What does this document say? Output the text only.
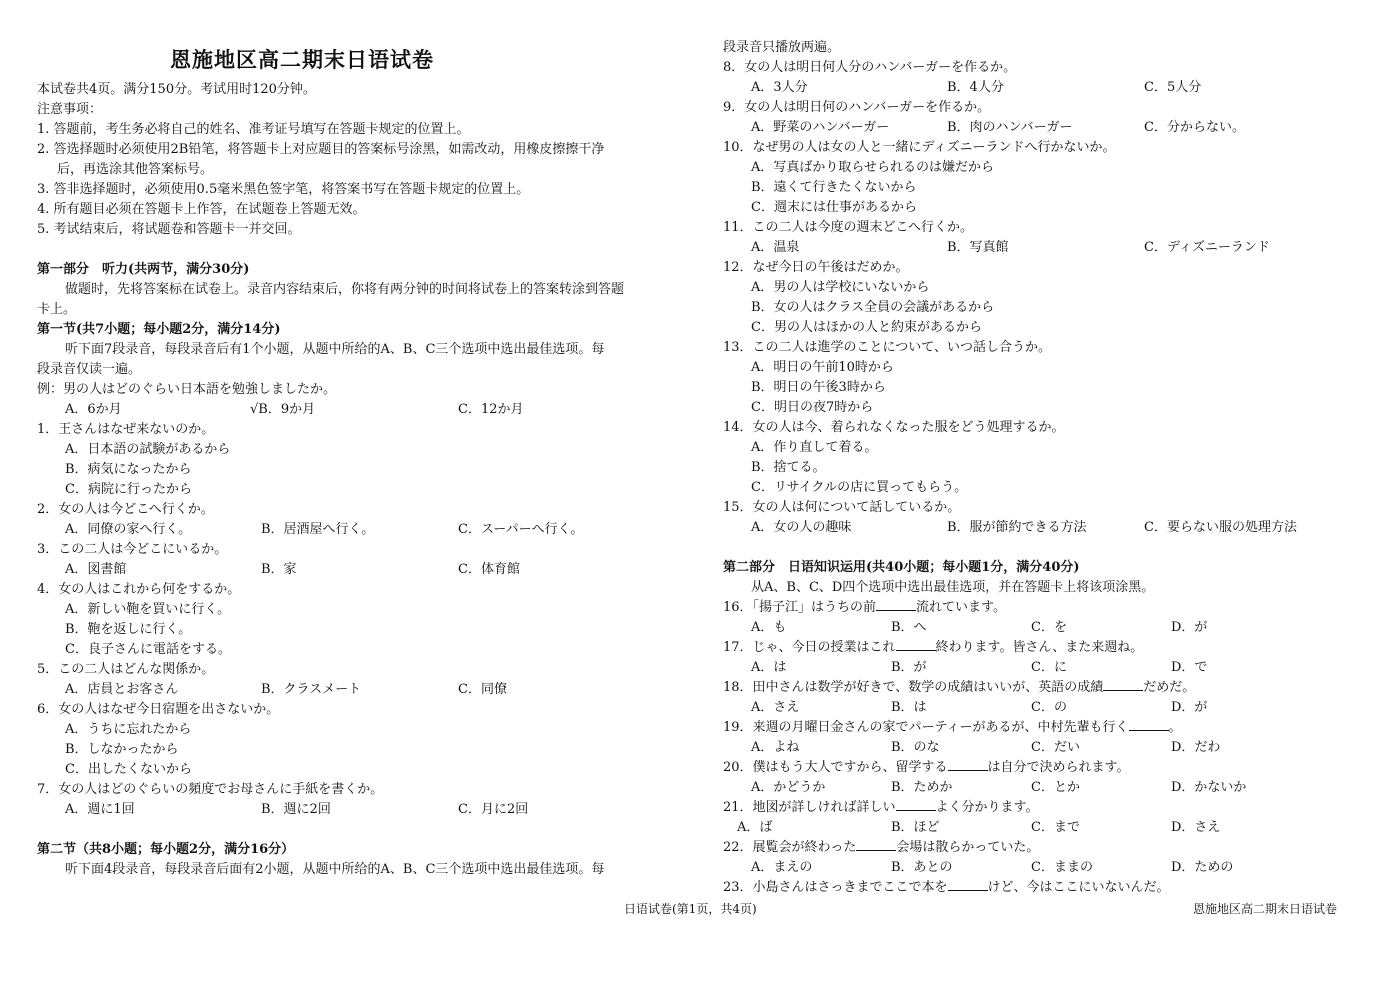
恩施地区高二期末日语试卷
本试卷共4页。满分150分。考试用时120分钟。
注意事项：
1. 答题前，考生务必将自己的姓名、准考证号填写在答题卡规定的位置上。
2. 答选择题时必须使用2B铅笔，将答题卡上对应题目的答案标号涂黑，如需改动，用橡皮擦擦干净
后，再选涂其他答案标号。
3. 答非选择题时，必须使用0.5毫米黑色签字笔，将答案书写在答题卡规定的位置上。
4. 所有题目必须在答题卡上作答，在试题卷上答题无效。
5. 考试结束后，将试题卷和答题卡一并交回。
第一部分　听力(共两节，满分30分)
做题时，先将答案标在试卷上。录音内容结束后，你将有两分钟的时间将试卷上的答案转涂到答题
卡上。
第一节(共7小题；每小题2分，满分14分)
听下面7段录音，每段录音后有1个小题，从题中所给的A、B、C三个选项中选出最佳选项。每
段录音仅读一遍。
例：男の人はどのぐらい日本語を勉強しましたか。
A．6か月	√B．9か月	C．12か月
1．王さんはなぜ来ないのか。
A．日本語の試験があるから
B．病気になったから
C．病院に行ったから
2．女の人は今どこへ行くか。
A．同僚の家へ行く。	B．居酒屋へ行く。	C．スーパーへ行く。
3．この二人は今どこにいるか。
A．図書館	B．家	C．体育館
4．女の人はこれから何をするか。
A．新しい鞄を買いに行く。
B．鞄を返しに行く。
C．良子さんに電話をする。
5．この二人はどんな関係か。
A．店員とお客さん	B．クラスメート	C．同僚
6．女の人はなぜ今日宿題を出さないか。
A．うちに忘れたから
B．しなかったから
C．出したくないから
7．女の人はどのぐらいの頻度でお母さんに手紙を書くか。
A．週に1回	B．週に2回	C．月に2回
第二节（共8小题；每小题2分，满分16分）
听下面4段录音，每段录音后面有2小题，从题中所给的A、B、C三个选项中选出最佳选项。每
段录音只播放两遍。
8．女の人は明日何人分のハンバーガーを作るか。
A．3人分	B．4人分	C．5人分
9．女の人は明日何のハンバーガーを作るか。
A．野菜のハンバーガー	B．肉のハンバーガー	C．分からない。
10．なぜ男の人は女の人と一緒にディズニーランドへ行かないか。
A．写真ばかり取らせられるのは嫌だから
B．遠くて行きたくないから
C．週末には仕事があるから
11．この二人は今度の週末どこへ行くか。
A．温泉	B．写真館	C．ディズニーランド
12．なぜ今日の午後はだめか。
A．男の人は学校にいないから
B．女の人はクラス全員の会議があるから
C．男の人はほかの人と約束があるから
13．この二人は進学のことについて、いつ話し合うか。
A．明日の午前10時から
B．明日の午後3時から
C．明日の夜7時から
14．女の人は今、着られなくなった服をどう処理するか。
A．作り直して着る。
B．捨てる。
C．リサイクルの店に買ってもらう。
15．女の人は何について話しているか。
A．女の人の趣味	B．服が節約できる方法	C．要らない服の処理方法
第二部分　日语知识运用(共40小题；每小题1分，满分40分)
从A、B、C、D四个选项中选出最佳选项，并在答题卡上将该项涂黑。
16．「揚子江」はうちの前	流れています。
A．も	B．へ	C．を	D．が
17．じゃ、今日の授業はこれ	終わります。皆さん、また来週ね。
A．は	B．が	C．に	D．で
18．田中さんは数学が好きで、数学の成績はいいが、英語の成績	だめだ。
A．さえ	B．は	C．の	D．が
19．来週の月曜日金さんの家でパーティーがあるが、中村先輩も行く	。
A．よね	B．のな	C．だい	D．だわ
20．僕はもう大人ですから、留学する	は自分で決められます。
A．かどうか	B．ためか	C．とか	D．かないか
21．地図が詳しければ詳しい	よく分かります。
A．ば	B．ほど	C．まで	D．さえ
22．展覧会が終わった	会場は散らかっていた。
A．まえの	B．あとの	C．ままの	D．ための
23．小島さんはさっきまでここで本を	けど、今はここにいないんだ。
日语试卷(第1页，共4页)	恩施地区高二期末日语试卷
